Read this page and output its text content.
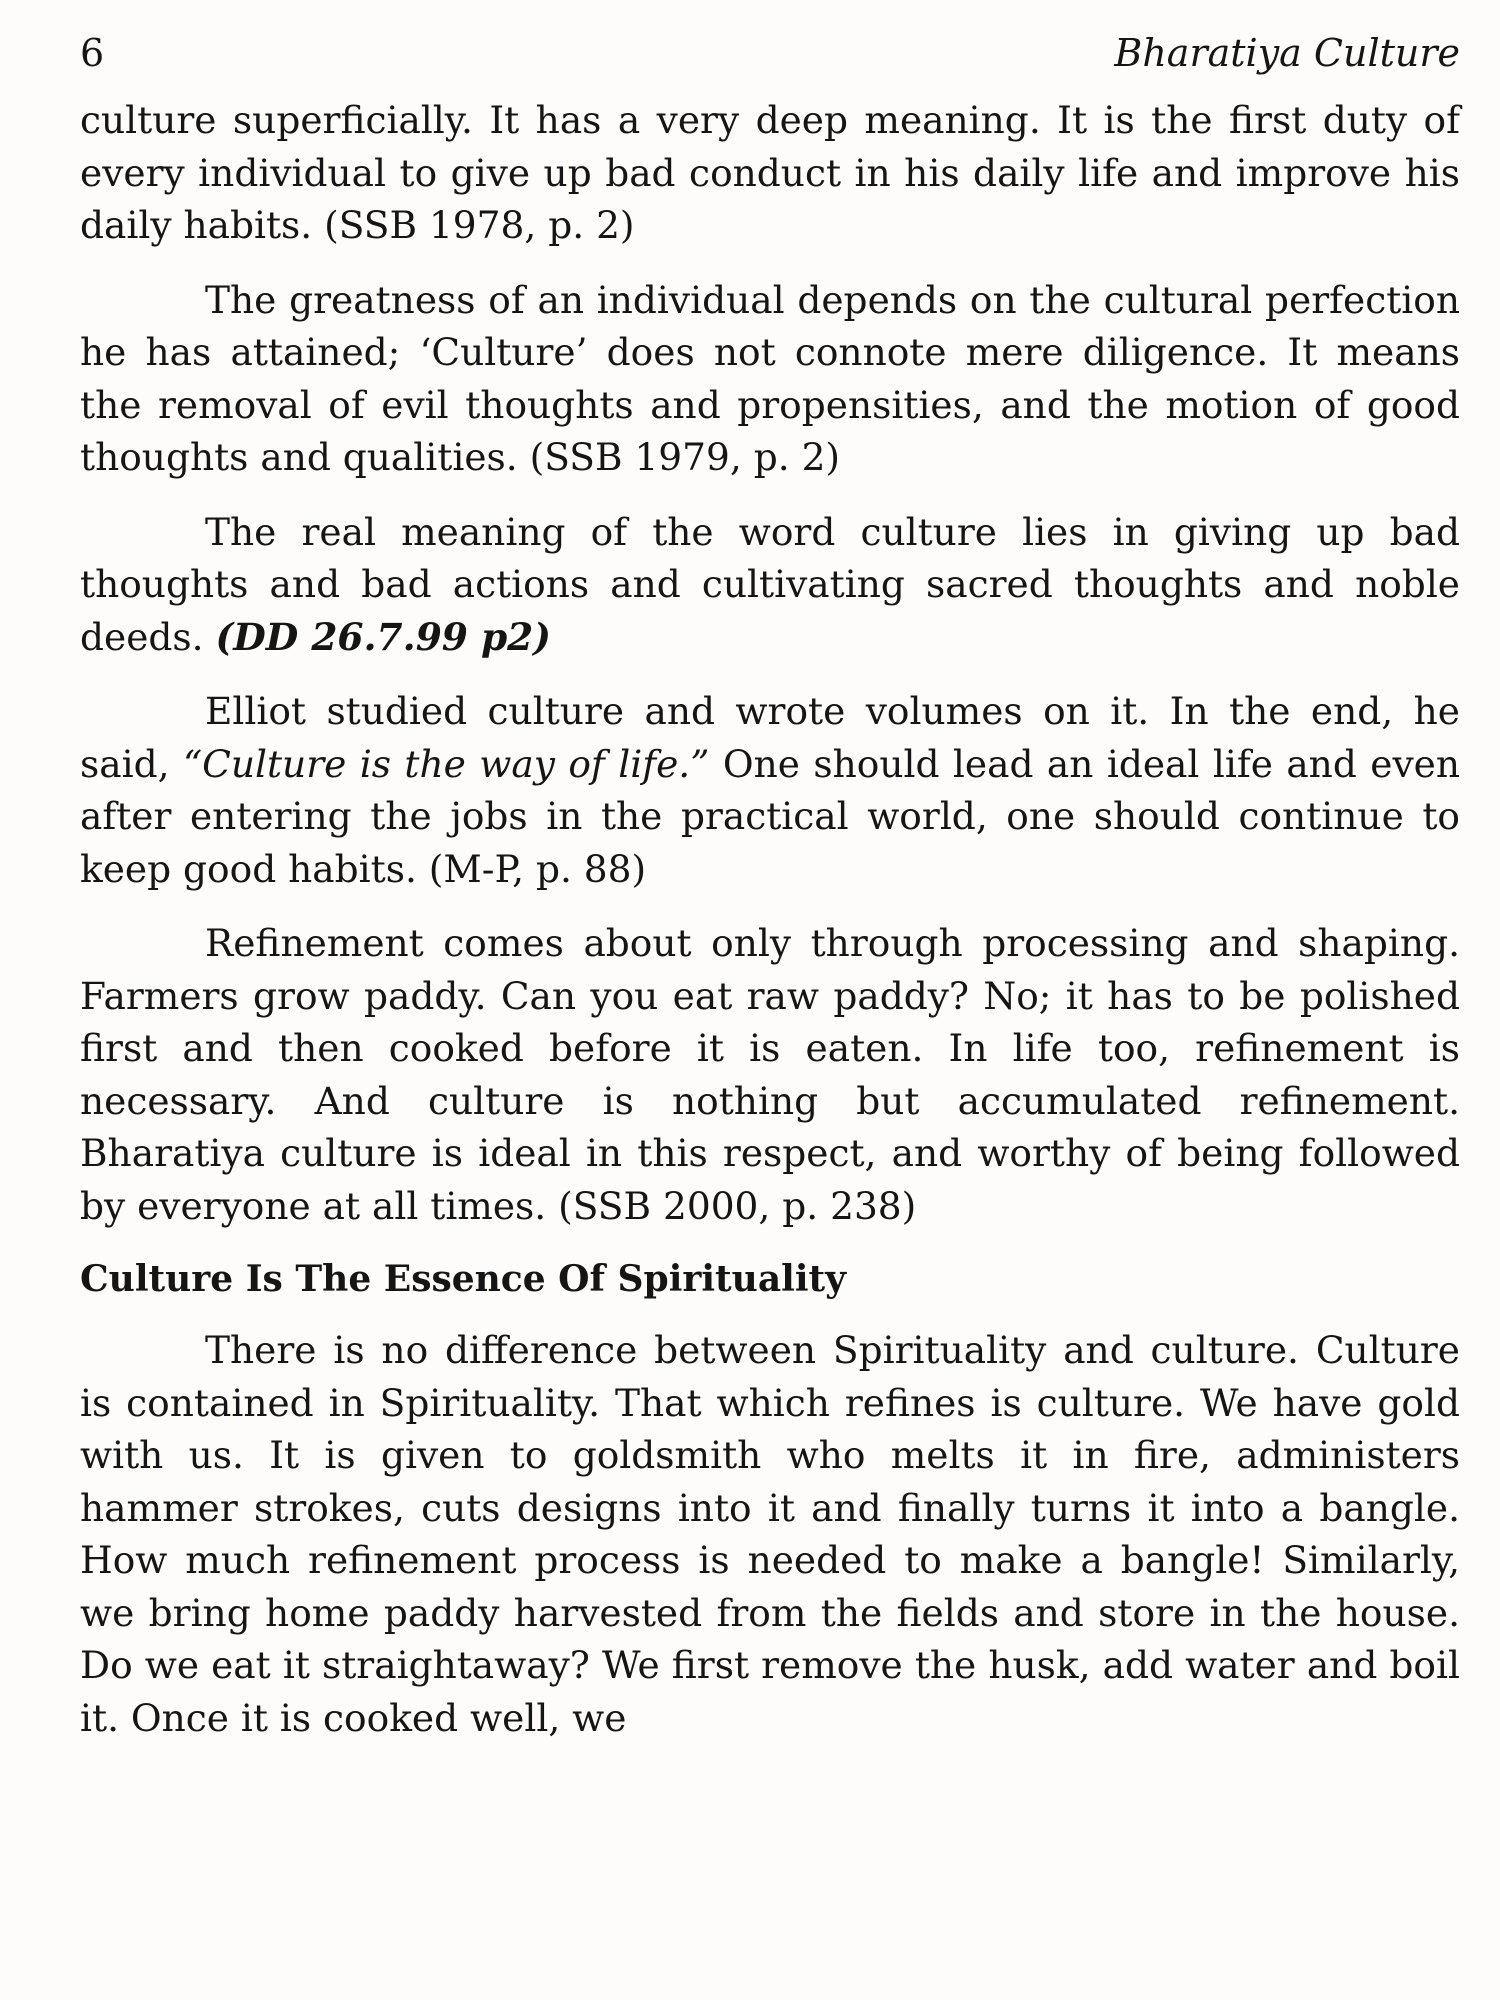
6	Bharatiya Culture

culture superficially. It has a very deep meaning. It is the first duty of every individual to give up bad conduct in his daily life and improve his daily habits. (SSB 1978, p. 2)

The greatness of an individual depends on the cultural perfection he has attained; ‘Culture’ does not connote mere diligence. It means the removal of evil thoughts and propensities, and the motion of good thoughts and qualities. (SSB 1979, p. 2)

The real meaning of the word culture lies in giving up bad thoughts and bad actions and cultivating sacred thoughts and noble deeds. (DD 26.7.99 p2)

Elliot studied culture and wrote volumes on it. In the end, he said, “Culture is the way of life.” One should lead an ideal life and even after entering the jobs in the practical world, one should continue to keep good habits. (M-P, p. 88)

Refinement comes about only through processing and shaping. Farmers grow paddy. Can you eat raw paddy? No; it has to be polished first and then cooked before it is eaten. In life too, refinement is necessary. And culture is nothing but accumulated refinement. Bharatiya culture is ideal in this respect, and worthy of being followed by everyone at all times. (SSB 2000, p. 238)

Culture Is The Essence Of Spirituality

There is no difference between Spirituality and culture. Culture is contained in Spirituality. That which refines is culture. We have gold with us. It is given to goldsmith who melts it in fire, administers hammer strokes, cuts designs into it and finally turns it into a bangle. How much refinement process is needed to make a bangle! Similarly, we bring home paddy harvested from the fields and store in the house. Do we eat it straightaway? We first remove the husk, add water and boil it. Once it is cooked well, we
